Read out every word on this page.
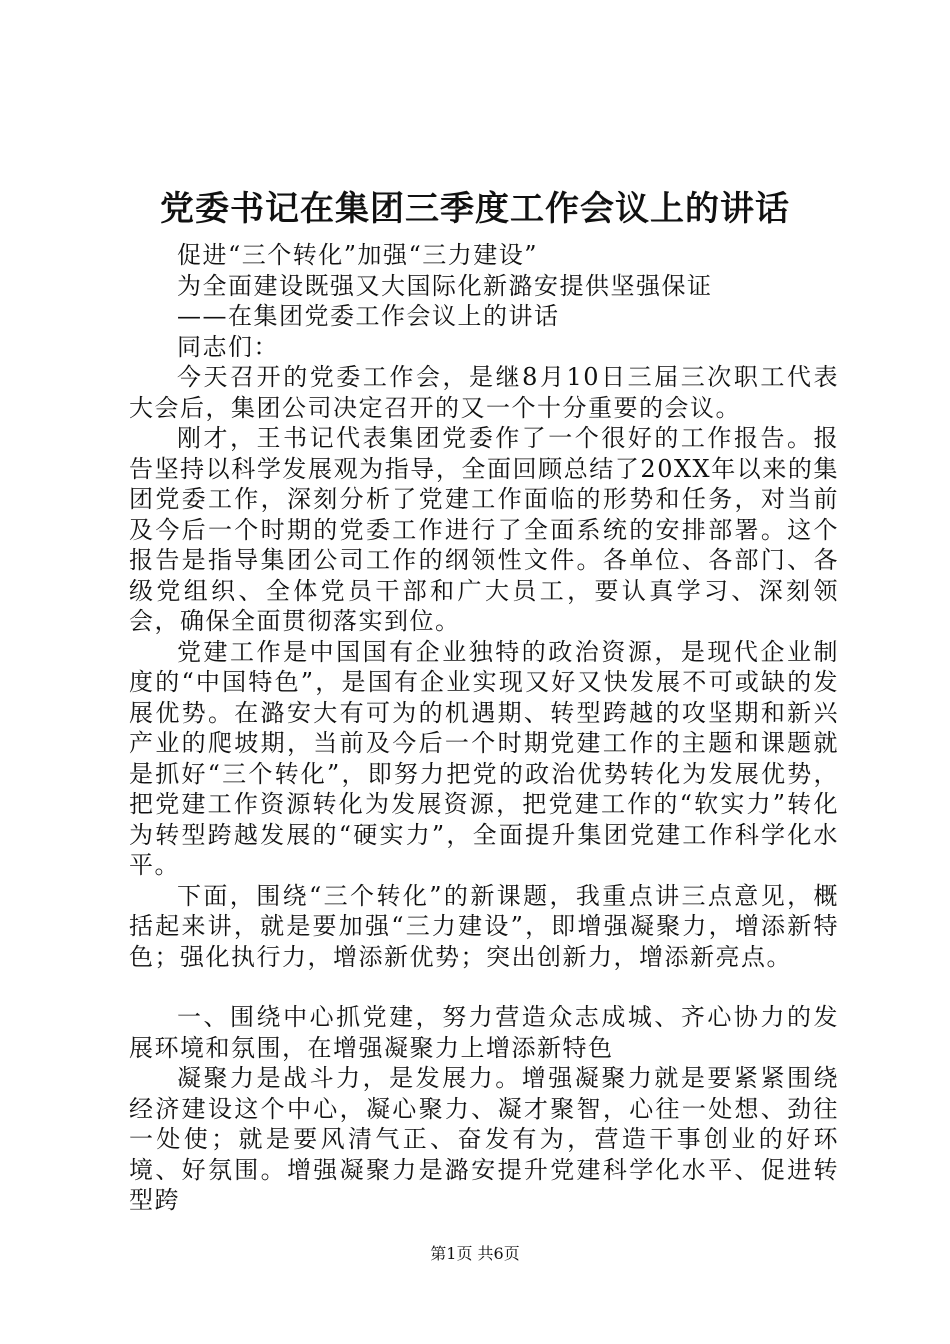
党委书记在集团三季度工作会议上的讲话

促进“三个转化”加强“三力建设”

为全面建设既强又大国际化新潞安提供坚强保证

——在集团党委工作会议上的讲话

同志们：

今天召开的党委工作会，是继8月10日三届三次职工代表大会后，集团公司决定召开的又一个十分重要的会议。

刚才，王书记代表集团党委作了一个很好的工作报告。报告坚持以科学发展观为指导，全面回顾总结了20XX年以来的集团党委工作，深刻分析了党建工作面临的形势和任务，对当前及今后一个时期的党委工作进行了全面系统的安排部署。这个报告是指导集团公司工作的纲领性文件。各单位、各部门、各级党组织、全体党员干部和广大员工，要认真学习、深刻领会，确保全面贯彻落实到位。

党建工作是中国国有企业独特的政治资源，是现代企业制度的“中国特色”，是国有企业实现又好又快发展不可或缺的发展优势。在潞安大有可为的机遇期、转型跨越的攻坚期和新兴产业的爬坡期，当前及今后一个时期党建工作的主题和课题就是抓好“三个转化”，即努力把党的政治优势转化为发展优势，把党建工作资源转化为发展资源，把党建工作的“软实力”转化为转型跨越发展的“硬实力”，全面提升集团党建工作科学化水平。

下面，围绕“三个转化”的新课题，我重点讲三点意见，概括起来讲，就是要加强“三力建设”，即增强凝聚力，增添新特色；强化执行力，增添新优势；突出创新力，增添新亮点。

一、围绕中心抓党建，努力营造众志成城、齐心协力的发展环境和氛围，在增强凝聚力上增添新特色

凝聚力是战斗力，是发展力。增强凝聚力就是要紧紧围绕经济建设这个中心，凝心聚力、凝才聚智，心往一处想、劲往一处使；就是要风清气正、奋发有为，营造干事创业的好环境、好氛围。增强凝聚力是潞安提升党建科学化水平、促进转型跨

第1页 共6页
